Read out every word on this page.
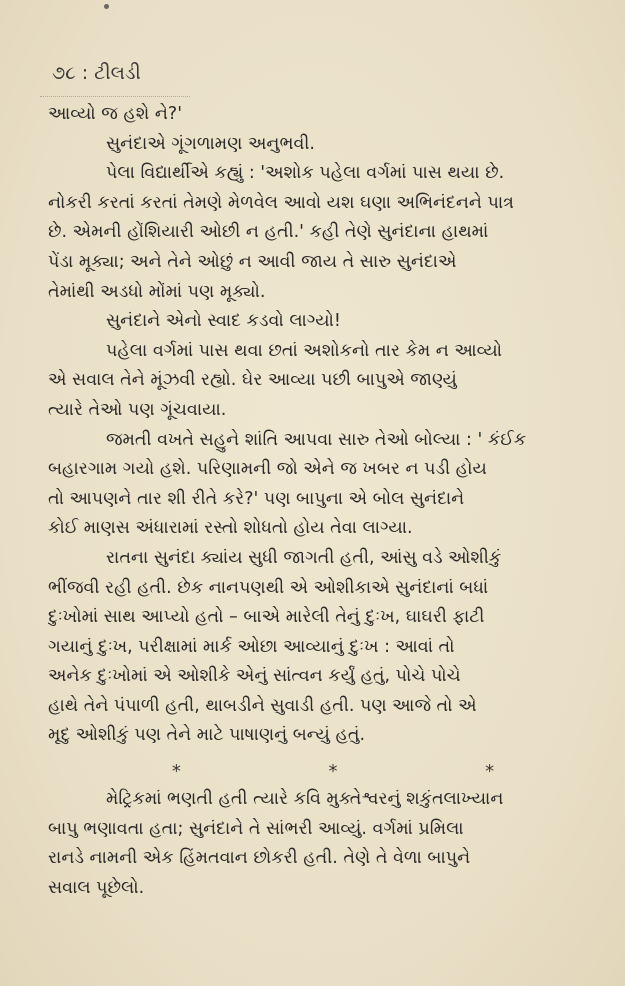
૭૮ : ટીલડી
આવ્યો જ હશે ને?'
સુનંદાએ ગૂંગળામણ અનુભવી.
પેલા વિદ્યાર્થીએ કહ્યું : 'અશોક પહેલા વર્ગમાં પાસ થયા છે.
નોકરી કરતાં કરતાં તેમણે મેળવેલ આવો યશ ઘણા અભિનંદનને પાત્ર
છે. એમની હોંશિયારી ઓછી ન હતી.' કહી તેણે સુનંદાના હાથમાં
પેંડા મૂક્યા; અને તેને ઓછું ન આવી જાય તે સારુ સુનંદાએ
તેમાંથી અડધો મોંમાં પણ મૂક્યો.
સુનંદાને એનો સ્વાદ કડવો લાગ્યો!
પહેલા વર્ગમાં પાસ થવા છતાં અશોકનો તાર કેમ ન આવ્યો
એ સવાલ તેને મૂંઝવી રહ્યો. ઘેર આવ્યા પછી બાપુએ જાણ્યું
ત્યારે તેઓ પણ ગૂંચવાયા.
જમતી વખતે સહુને શાંતિ આપવા સારુ તેઓ બોલ્યા : ' કંઈક
બહારગામ ગયો હશે. પરિણામની જો એને જ ખબર ન પડી હોય
તો આપણને તાર શી રીતે કરે?' પણ બાપુના એ બોલ સુનંદાને
કોઈ માણસ અંધારામાં રસ્તો શોધતો હોય તેવા લાગ્યા.
રાતના સુનંદા ક્યાંય સુધી જાગતી હતી, આંસુ વડે ઓશીકું
ભીંજવી રહી હતી. છેક નાનપણથી એ ઓશીકાએ સુનંદાનાં બધાં
દુઃખોમાં સાથ આપ્યો હતો – બાએ મારેલી તેનું દુઃખ, ઘાઘરી ફાટી
ગયાનું દુઃખ, પરીક્ષામાં માર્ક ઓછા આવ્યાનું દુઃખ : આવાં તો
અનેક દુઃખોમાં એ ઓશીકે એનું સાંત્વન કર્યું હતું, પોચે પોચે
હાથે તેને પંપાળી હતી, થાબડીને સુવાડી હતી. પણ આજે તો એ
મૃદુ ઓશીકું પણ તેને માટે પાષાણનું બન્યું હતું.
*	*	*
મેટ્રિકમાં ભણતી હતી ત્યારે કવિ મુક્તેશ્વરનું શકુંતલાખ્યાન
બાપુ ભણાવતા હતા; સુનંદાને તે સાંભરી આવ્યું. વર્ગમાં પ્રમિલા
રાનડે નામની એક હિંમતવાન છોકરી હતી. તેણે તે વેળા બાપુને
સવાલ પૂછેલો.
